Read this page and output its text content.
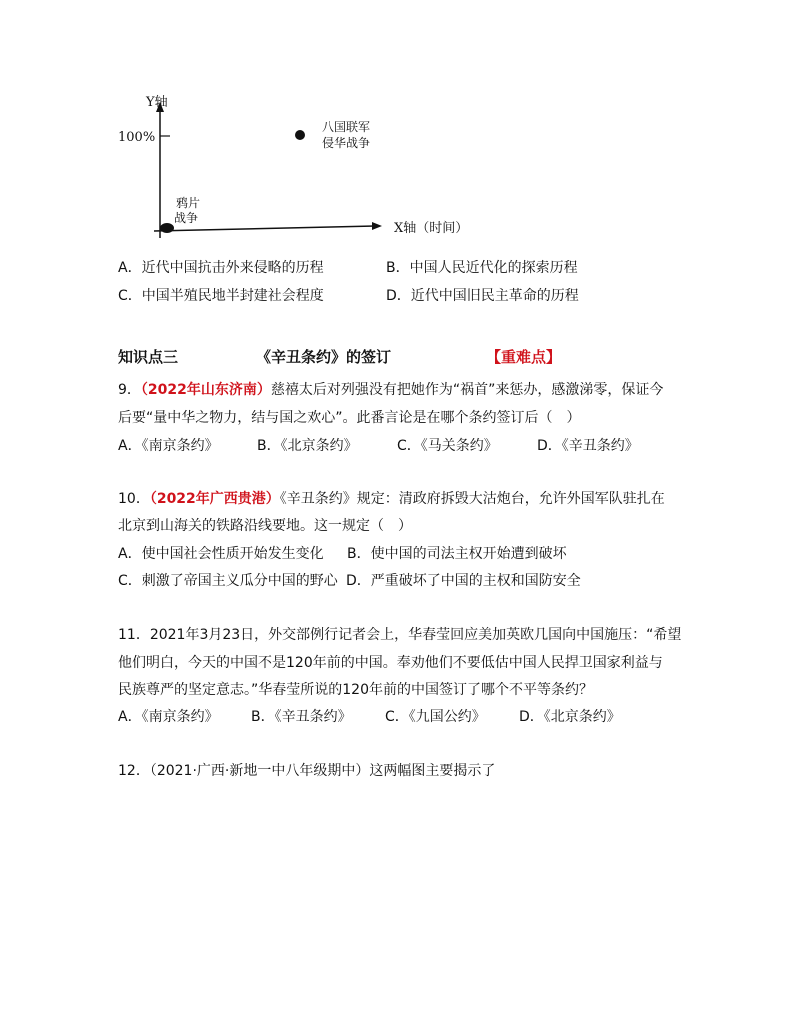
Y轴
100%
八国联军
侵华战争
鸦片
战争
X轴（时间）
A．近代中国抗击外来侵略的历程	B．中国人民近代化的探索历程
C．中国半殖民地半封建社会程度	D．近代中国旧民主革命的历程
知识点三	《辛丑条约》的签订	【重难点】
9．（2022年山东济南）慈禧太后对列强没有把她作为“祸首”来惩办，感激涕零，保证今
后要“量中华之物力，结与国之欢心”。此番言论是在哪个条约签订后（　）
A．《南京条约》	B．《北京条约》	C．《马关条约》	D．《辛丑条约》
10．（2022年广西贵港）《辛丑条约》规定：清政府拆毁大沽炮台，允许外国军队驻扎在
北京到山海关的铁路沿线要地。这一规定（　）
A．使中国社会性质开始发生变化 B．使中国的司法主权开始遭到破坏
C．刺激了帝国主义瓜分中国的野心 D．严重破坏了中国的主权和国防安全
11．2021年3月23日，外交部例行记者会上，华春莹回应美加英欧几国向中国施压：“希望
他们明白，今天的中国不是120年前的中国。奉劝他们不要低估中国人民捍卫国家利益与
民族尊严的坚定意志。”华春莹所说的120年前的中国签订了哪个不平等条约？
A．《南京条约》 B．《辛丑条约》 C．《九国公约》 D．《北京条约》
12．（2021·广西·新地一中八年级期中）这两幅图主要揭示了
